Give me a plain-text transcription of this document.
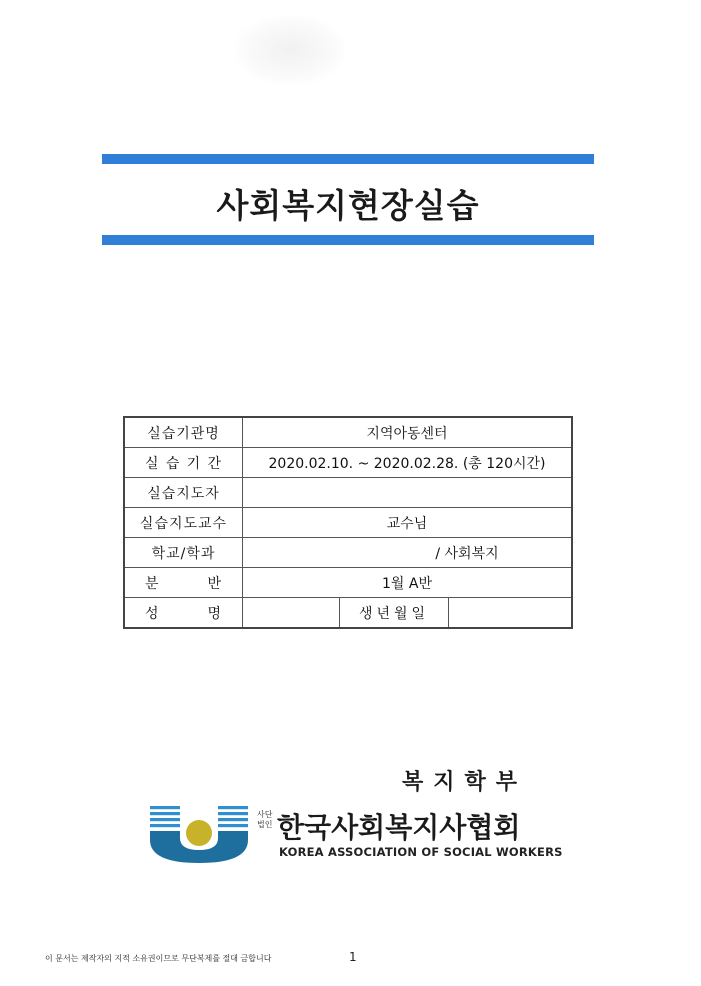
사회복지현장실습
실습기관명	지역아동센터		

실 습 기 간	2020.02.10. ~ 2020.02.28. (총 120시간)		
실습지도자			
실습지도교수	교수님		
학교/학과	/ 사회복지		

분 반	1월 A반		

성 명		생년월일	
복지학부
사단
법인 한국사회복지사협회
KOREA ASSOCIATION OF SOCIAL WORKERS
이 문서는 제작자의 지적 소유권이므로 무단복제를 절대 금합니다	1
